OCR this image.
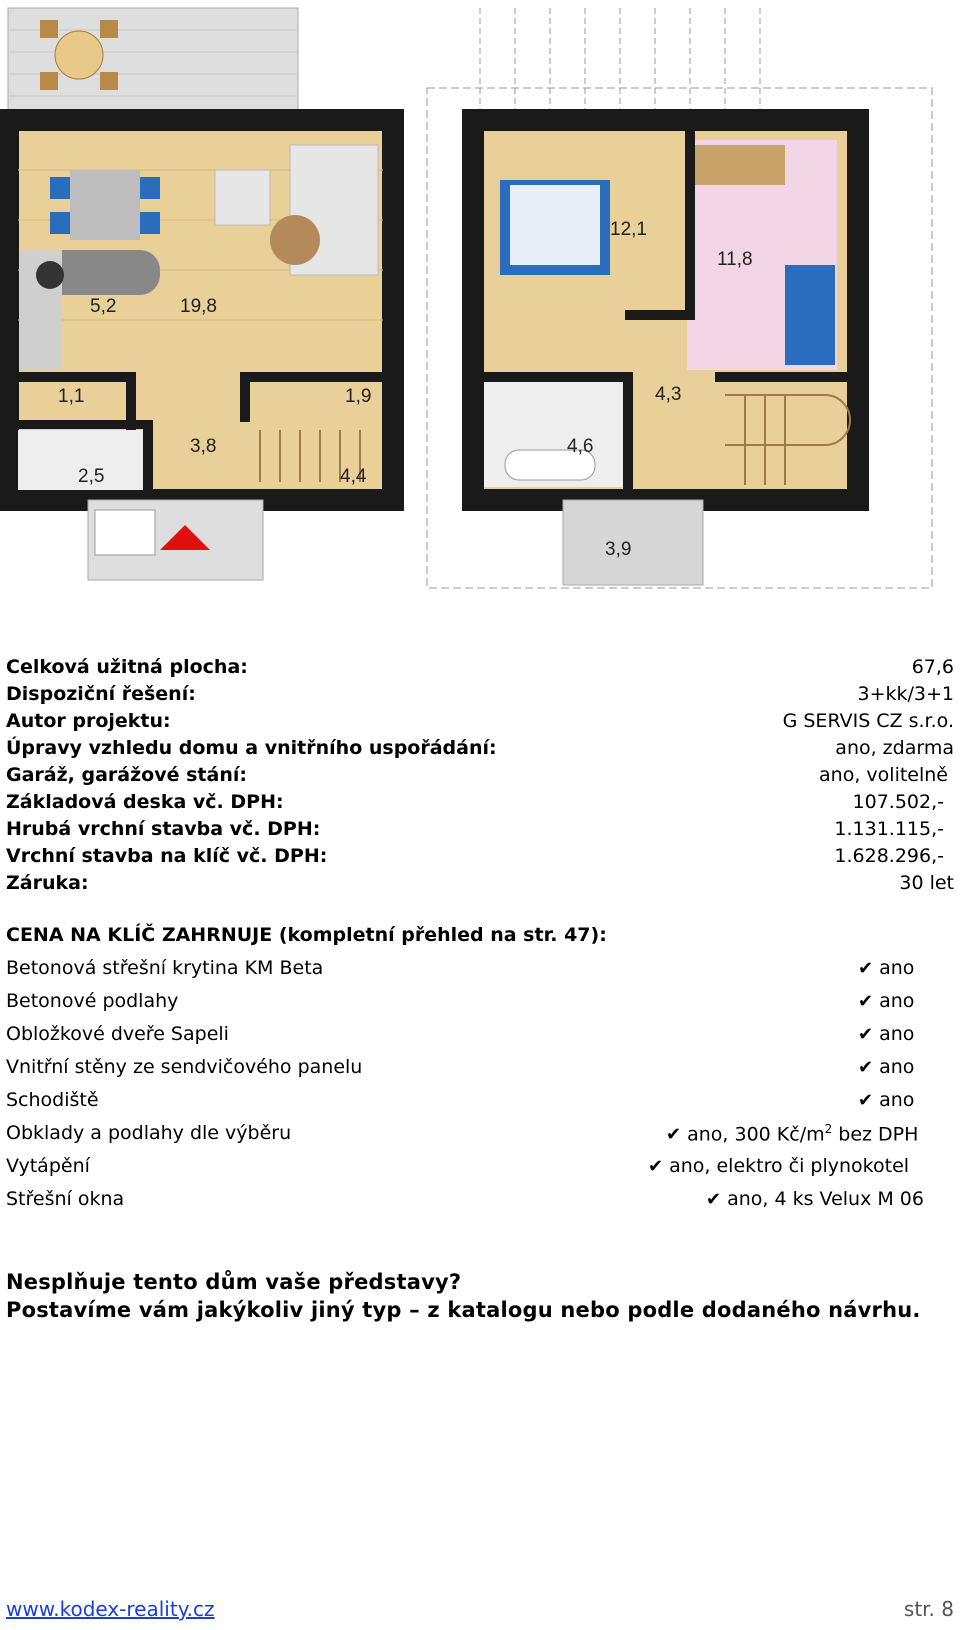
5,2	19,8
1,1	1,9
3,8
2,5	4,4
12,1
11,8
4,3
4,6
3,9
Celková užitná plocha:	67,6
Dispoziční řešení:	3+kk/3+1
Autor projektu:	G SERVIS CZ s.r.o.
Úpravy vzhledu domu a vnitřního uspořádání:	ano, zdarma
Garáž, garážové stání:	ano, volitelně
Základová deska vč. DPH:	107.502,-
Hrubá vrchní stavba vč. DPH:	1.131.115,-
Vrchní stavba na klíč vč. DPH:	1.628.296,-
Záruka:	30 let
CENA NA KLÍČ ZAHRNUJE (kompletní přehled na str. 47):
Betonová střešní krytina KM Beta	✔ ano
Betonové podlahy	✔ ano
Obložkové dveře Sapeli	✔ ano
Vnitřní stěny ze sendvičového panelu	✔ ano
Schodiště	✔ ano
Obklady a podlahy dle výběru	✔ ano, 300 $Kč/m^2$ bez DPH
Vytápění	✔ ano, elektro či plynokotel
Střešní okna	✔ ano, 4 ks Velux M 06
Nesplňuje tento dům vaše představy?
Postavíme vám jakýkoliv jiný typ – z katalogu nebo podle dodaného návrhu.
www.kodex-reality.cz	str. 8
